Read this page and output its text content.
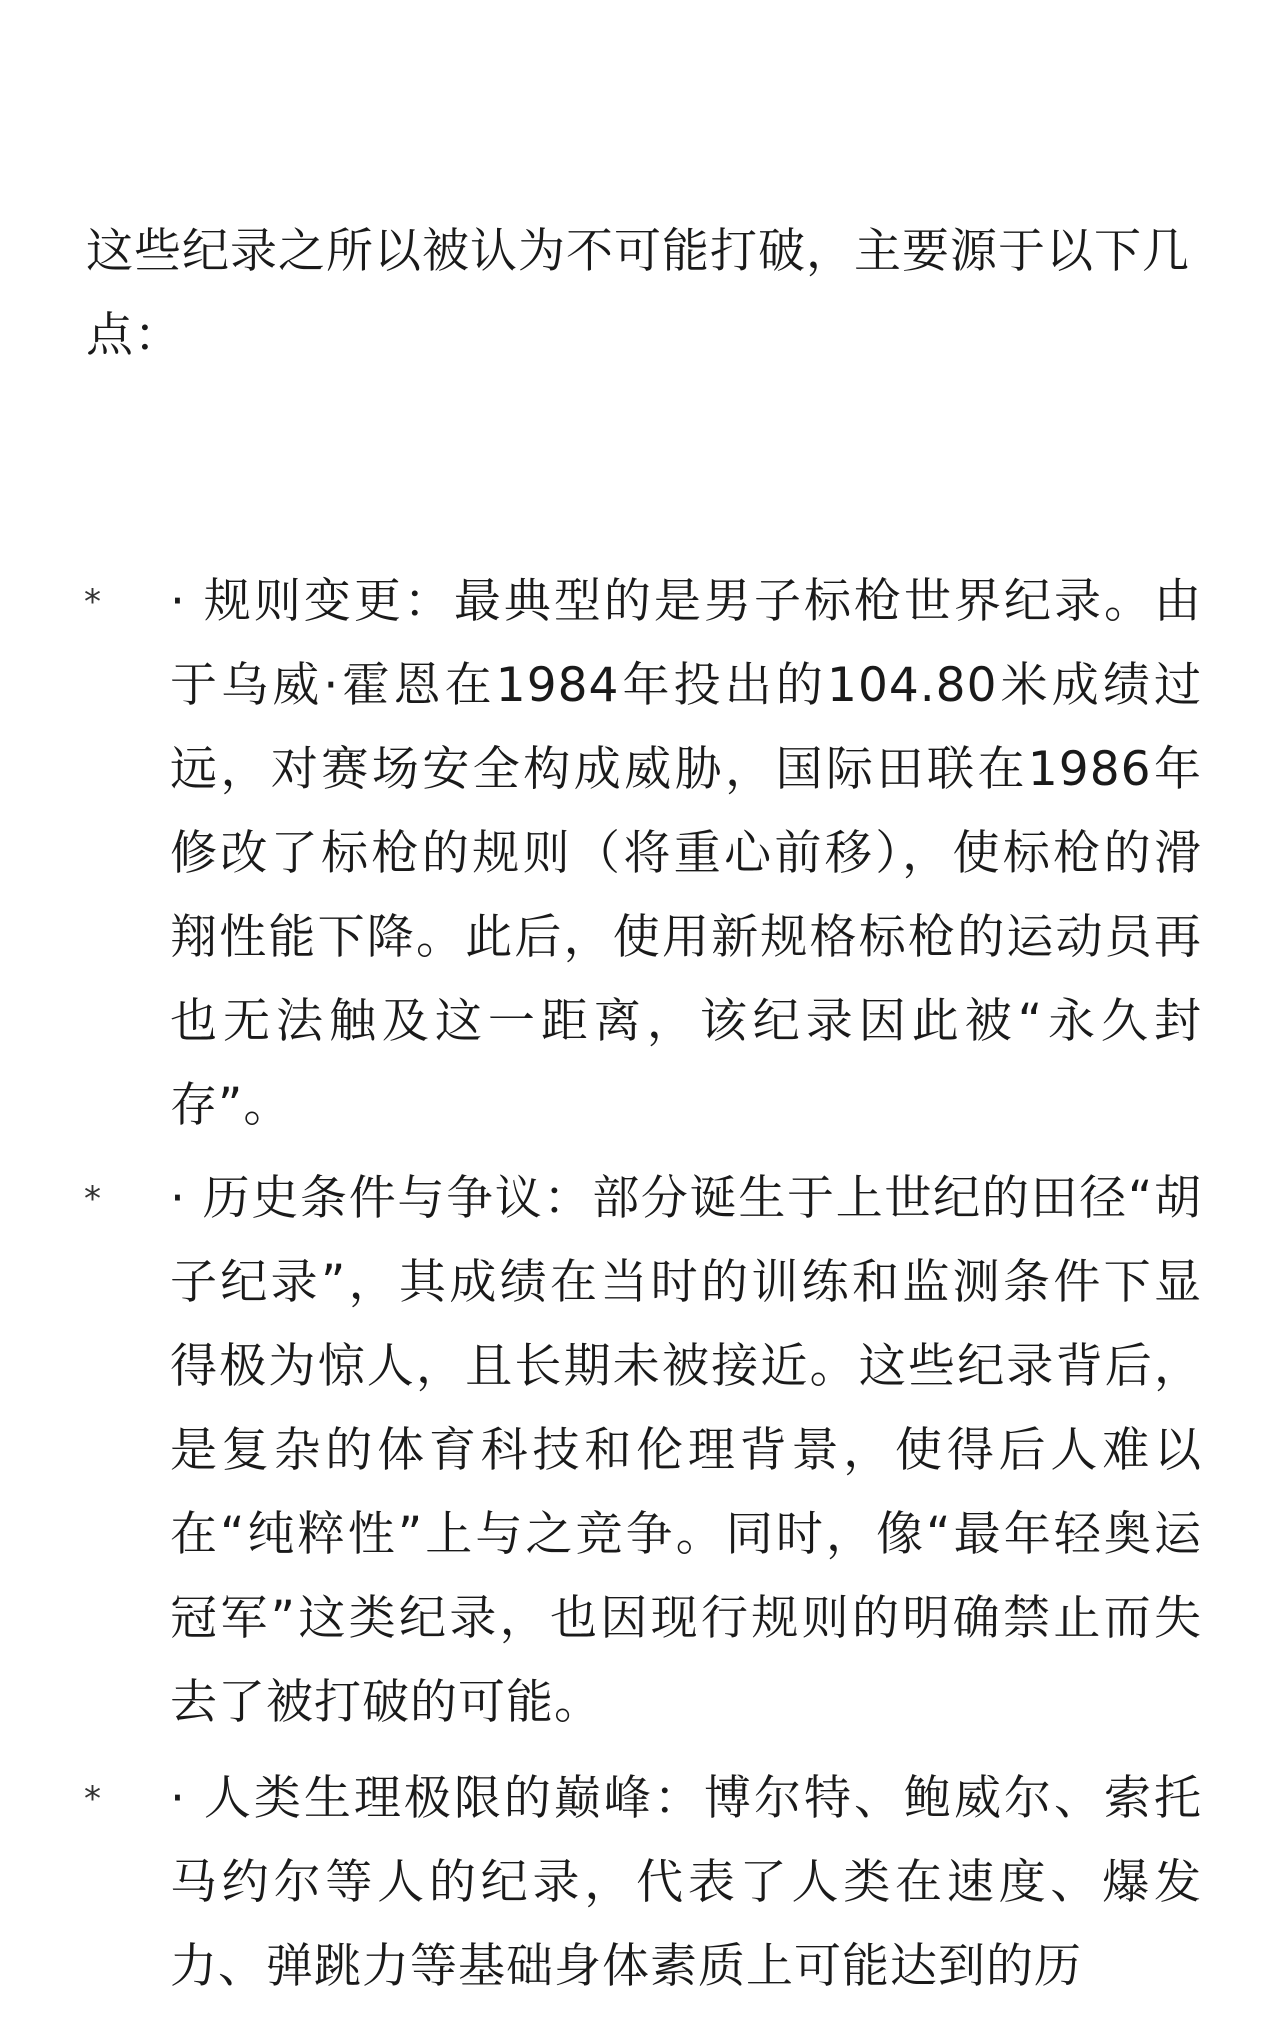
这些纪录之所以被认为不可能打破，主要源于以下几点：

* · 规则变更：最典型的是男子标枪世界纪录。由于乌威·霍恩在1984年投出的104.80米成绩过远，对赛场安全构成威胁，国际田联在1986年修改了标枪的规则（将重心前移），使标枪的滑翔性能下降。此后，使用新规格标枪的运动员再也无法触及这一距离，该纪录因此被“永久封存”。

* · 历史条件与争议：部分诞生于上世纪的田径“胡子纪录”，其成绩在当时的训练和监测条件下显得极为惊人，且长期未被接近。这些纪录背后，是复杂的体育科技和伦理背景，使得后人难以在“纯粹性”上与之竞争。同时，像“最年轻奥运冠军”这类纪录，也因现行规则的明确禁止而失去了被打破的可能。

* · 人类生理极限的巅峰：博尔特、鲍威尔、索托马约尔等人的纪录，代表了人类在速度、爆发力、弹跳力等基础身体素质上可能达到的历
